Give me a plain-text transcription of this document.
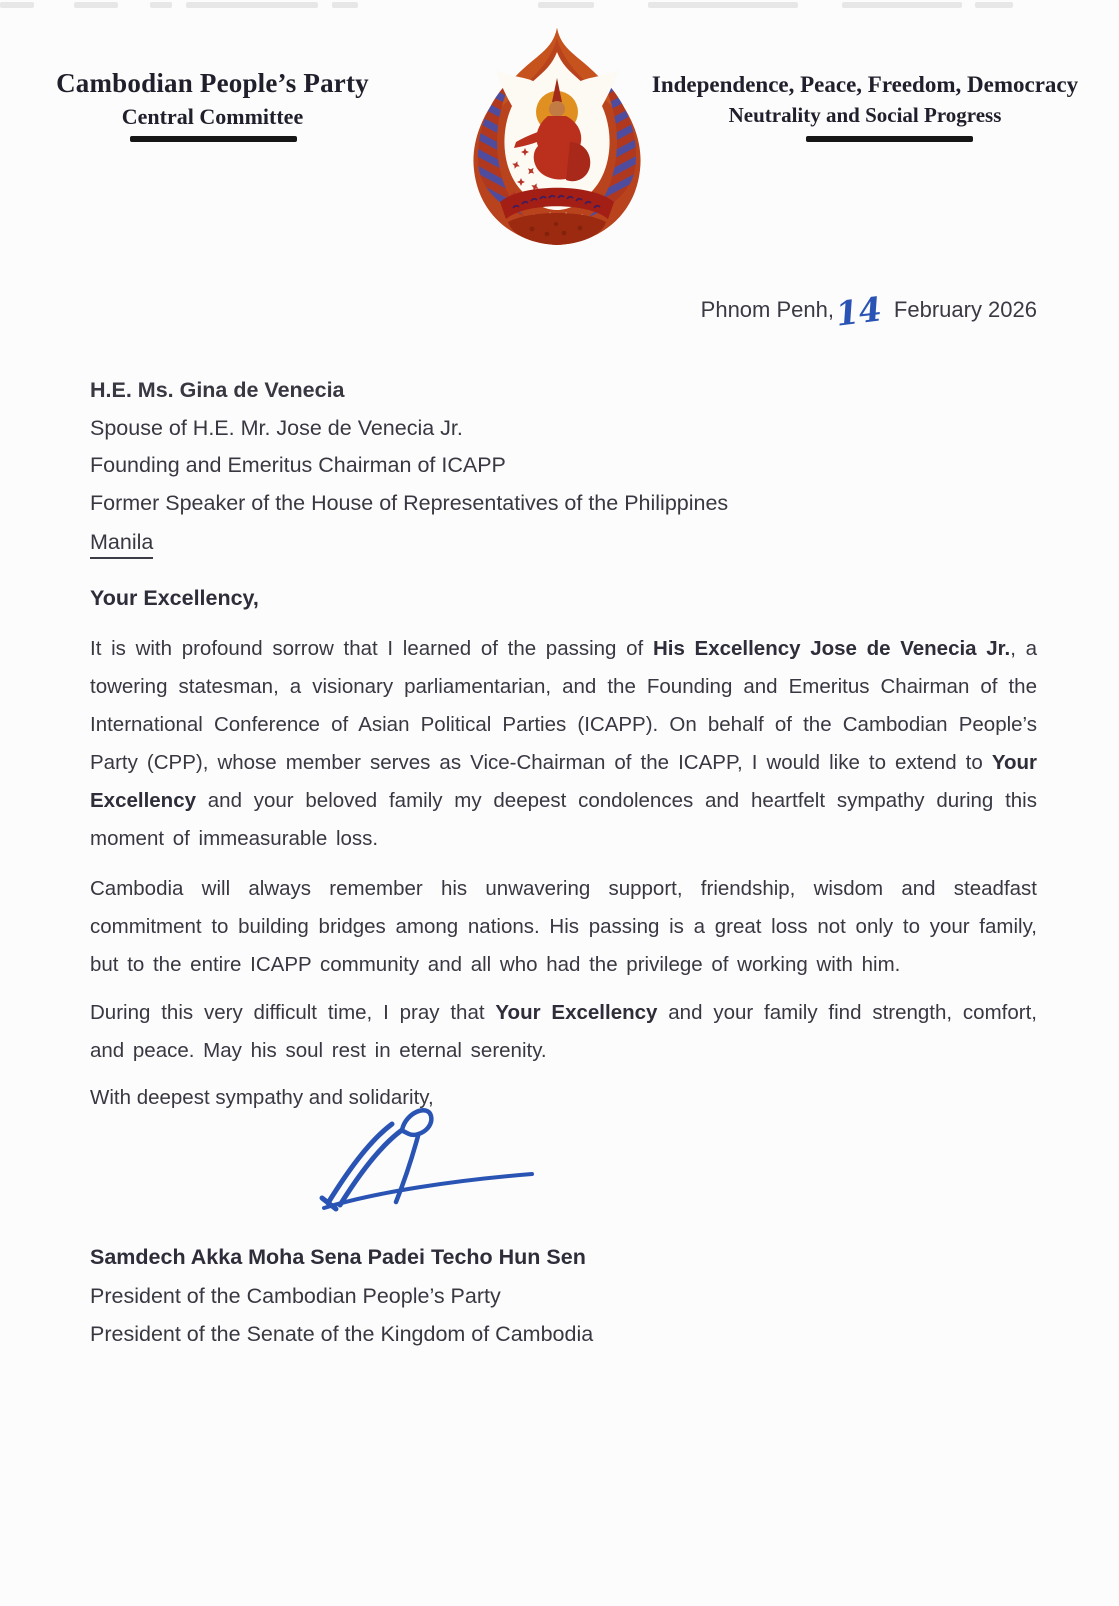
Cambodian People’s Party
Central Committee
Independence, Peace, Freedom, Democracy
Neutrality and Social Progress
Phnom Penh, 14 February 2026
H.E. Ms. Gina de Venecia
Spouse of H.E. Mr. Jose de Venecia Jr.
Founding and Emeritus Chairman of ICAPP
Former Speaker of the House of Representatives of the Philippines
Manila
Your Excellency,

It is with profound sorrow that I learned of the passing of His Excellency Jose de Venecia Jr., a towering statesman, a visionary parliamentarian, and the Founding and Emeritus Chairman of the International Conference of Asian Political Parties (ICAPP). On behalf of the Cambodian People’s Party (CPP), whose member serves as Vice-Chairman of the ICAPP, I would like to extend to Your Excellency and your beloved family my deepest condolences and heartfelt sympathy during this moment of immeasurable loss.

Cambodia will always remember his unwavering support, friendship, wisdom and steadfast commitment to building bridges among nations. His passing is a great loss not only to your family, but to the entire ICAPP community and all who had the privilege of working with him.

During this very difficult time, I pray that Your Excellency and your family find strength, comfort, and peace. May his soul rest in eternal serenity.

With deepest sympathy and solidarity,
Samdech Akka Moha Sena Padei Techo Hun Sen
President of the Cambodian People’s Party
President of the Senate of the Kingdom of Cambodia
